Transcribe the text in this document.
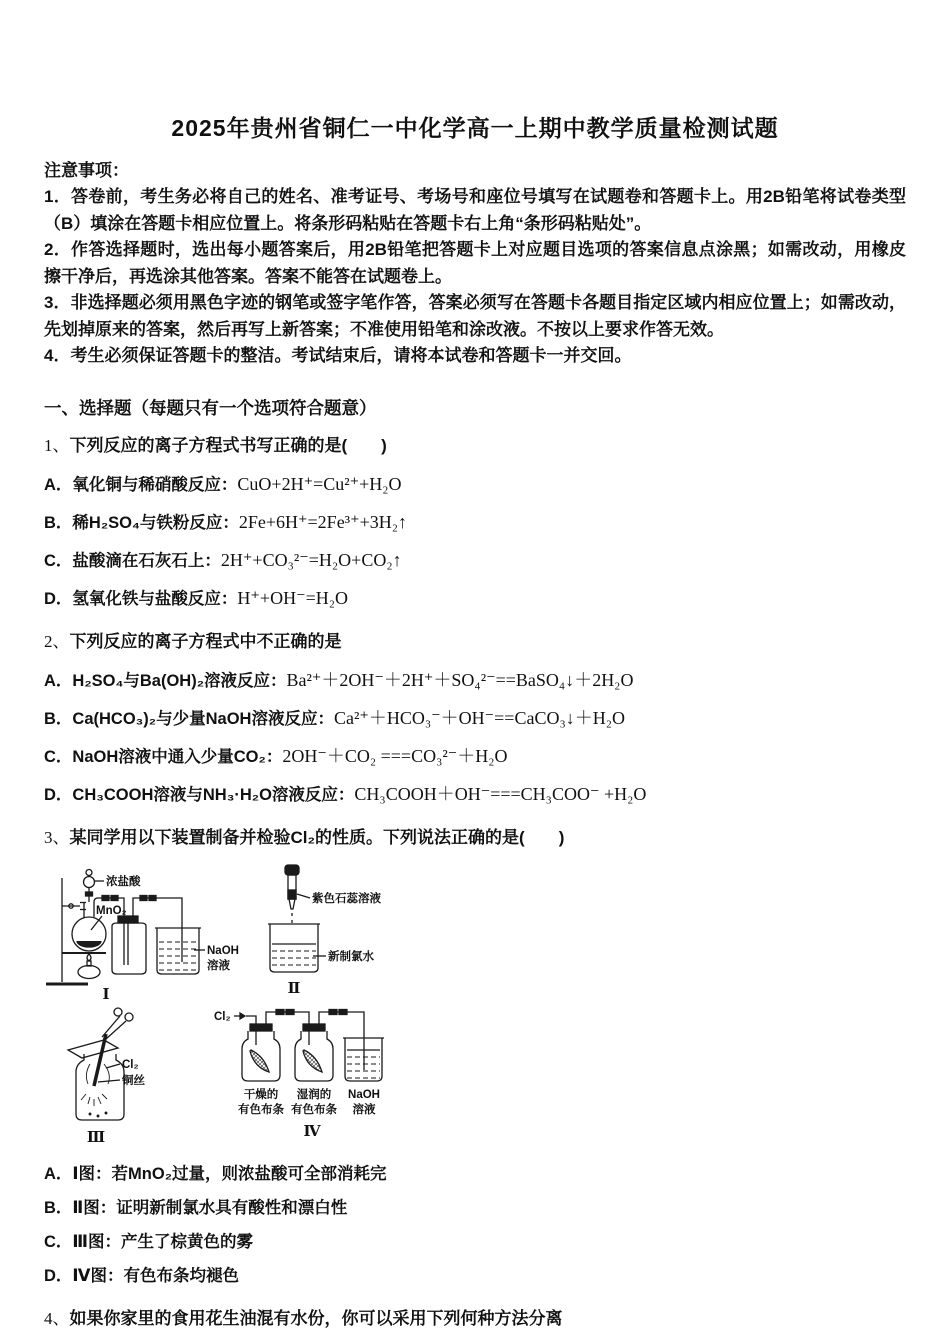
2025年贵州省铜仁一中化学高一上期中教学质量检测试题
注意事项：
1．答卷前，考生务必将自己的姓名、准考证号、考场号和座位号填写在试题卷和答题卡上。用2B铅笔将试卷类型（B）填涂在答题卡相应位置上。将条形码粘贴在答题卡右上角“条形码粘贴处”。
2．作答选择题时，选出每小题答案后，用2B铅笔把答题卡上对应题目选项的答案信息点涂黑；如需改动，用橡皮擦干净后，再选涂其他答案。答案不能答在试题卷上。
3．非选择题必须用黑色字迹的钢笔或签字笔作答，答案必须写在答题卡各题目指定区域内相应位置上；如需改动，先划掉原来的答案，然后再写上新答案；不准使用铅笔和涂改液。不按以上要求作答无效。
4．考生必须保证答题卡的整洁。考试结束后，请将本试卷和答题卡一并交回。
一、选择题（每题只有一个选项符合题意）
1、下列反应的离子方程式书写正确的是(　　)
A．氧化铜与稀硝酸反应：CuO+2H⁺=Cu²⁺+H₂O
B．稀H₂SO₄与铁粉反应：2Fe+6H⁺=2Fe³⁺+3H₂↑
C．盐酸滴在石灰石上：2H⁺+CO₃²⁻=H₂O+CO₂↑
D．氢氧化铁与盐酸反应：H⁺+OH⁻=H₂O
2、下列反应的离子方程式中不正确的是
A．H₂SO₄与Ba(OH)₂溶液反应：Ba²⁺＋2OH⁻＋2H⁺＋SO₄²⁻==BaSO₄↓＋2H₂O
B．Ca(HCO₃)₂与少量NaOH溶液反应：Ca²⁺＋HCO₃⁻＋OH⁻==CaCO₃↓＋H₂O
C．NaOH溶液中通入少量CO₂：2OH⁻＋CO₂ ===CO₃²⁻＋H₂O
D．CH₃COOH溶液与NH₃·H₂O溶液反应：CH₃COOH＋OH⁻===CH₃COO⁻ +H₂O
3、某同学用以下装置制备并检验Cl₂的性质。下列说法正确的是(　　)
浓盐酸
MnO₂
NaOH
溶液
Ⅰ
紫色石蕊溶液
新制氯水
Ⅱ
Cl₂
铜丝
Ⅲ
Cl₂
干燥的
有色布条
湿润的
有色布条
NaOH
溶液
Ⅳ
A．Ⅰ图：若MnO₂过量，则浓盐酸可全部消耗完
B．Ⅱ图：证明新制氯水具有酸性和漂白性
C．Ⅲ图：产生了棕黄色的雾
D．Ⅳ图：有色布条均褪色
4、如果你家里的食用花生油混有水份，你可以采用下列何种方法分离
